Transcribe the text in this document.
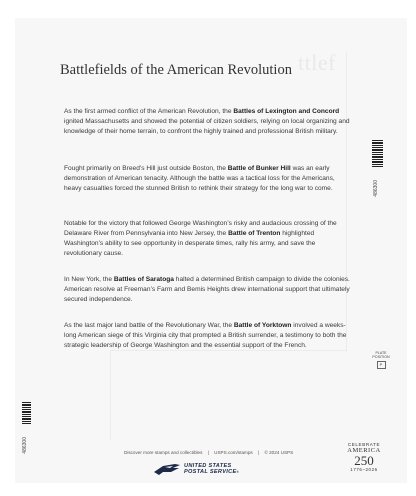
ttlef
Battlefields of the American Revolution

As the first armed conflict of the American Revolution, the Battles of Lexington and Concord ignited Massachusetts and showed the potential of citizen soldiers, relying on local organizing and knowledge of their home terrain, to confront the highly trained and professional British military.

Fought primarily on Breed’s Hill just outside Boston, the Battle of Bunker Hill was an early demonstration of American tenacity. Although the battle was a tactical loss for the Americans, heavy casualties forced the stunned British to rethink their strategy for the long war to come.

Notable for the victory that followed George Washington’s risky and audacious crossing of the Delaware River from Pennsylvania into New Jersey, the Battle of Trenton highlighted Washington’s ability to see opportunity in desperate times, rally his army, and save the revolutionary cause.

In New York, the Battles of Saratoga halted a determined British campaign to divide the colonies. American resolve at Freeman’s Farm and Bemis Heights drew international support that ultimately secured independence.

As the last major land battle of the Revolutionary War, the Battle of Yorktown involved a weeks-long American siege of this Virginia city that prompted a British surrender, a testimony to both the strategic leadership of George Washington and the essential support of the French.

486300
PLATE
POSITION
P
486300	Discover more stamps and collectibles | USPS.com/stamps | © 2024 USPS
UNITED STATES
POSTAL SERVICE®
CELEBRATE
AMERICA
250
1776–2026
